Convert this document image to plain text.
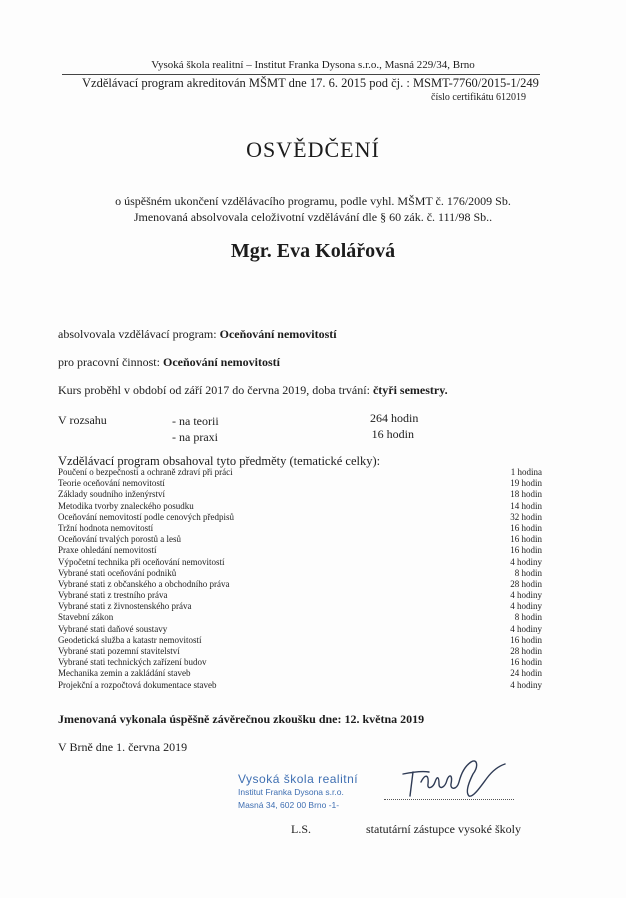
Vysoká škola realitní – Institut Franka Dysona s.r.o., Masná 229/34, Brno
Vzdělávací program akreditován MŠMT dne 17. 6. 2015 pod čj. : MSMT-7760/2015-1/249
číslo certifikátu 612019
OSVĚDČENÍ
o úspěšném ukončení vzdělávacího programu, podle vyhl. MŠMT č. 176/2009 Sb.
Jmenovaná absolvovala celoživotní vzdělávání dle § 60 zák. č. 111/98 Sb..
Mgr. Eva Kolářová
absolvovala vzdělávací program: Oceňování nemovitostí
pro pracovní činnost: Oceňování nemovitostí
Kurs proběhl v období od září 2017 do června 2019, doba trvání: čtyři semestry.
V rozsahu	- na teorii	264 hodin
- na praxi	16 hodin
Vzdělávací program obsahoval tyto předměty (tematické celky):
Poučení o bezpečnosti a ochraně zdraví při práci	1 hodina
Teorie oceňování nemovitostí	19 hodin
Základy soudního inženýrství	18 hodin
Metodika tvorby znaleckého posudku	14 hodin
Oceňování nemovitostí podle cenových předpisů	32 hodin
Tržní hodnota nemovitostí	16 hodin
Oceňování trvalých porostů a lesů	16 hodin
Praxe ohledání nemovitostí	16 hodin
Výpočetní technika při oceňování nemovitostí	4 hodiny
Vybrané stati oceňování podniků	8 hodin
Vybrané stati z občanského a obchodního práva	28 hodin
Vybrané stati z trestního práva	4 hodiny
Vybrané stati z živnostenského práva	4 hodiny
Stavební zákon	8 hodin
Vybrané stati daňové soustavy	4 hodiny
Geodetická služba a katastr nemovitostí	16 hodin
Vybrané stati pozemní stavitelství	28 hodin
Vybrané stati technických zařízení budov	16 hodin
Mechanika zemin a zakládání staveb	24 hodin
Projekční a rozpočtová dokumentace staveb	4 hodiny
Jmenovaná vykonala úspěšně závěrečnou zkoušku dne: 12. května 2019
V Brně dne 1. června 2019
Vysoká škola realitní
Institut Franka Dysona s.r.o.
Masná 34, 602 00 Brno -1-
L.S.	statutární zástupce vysoké školy
